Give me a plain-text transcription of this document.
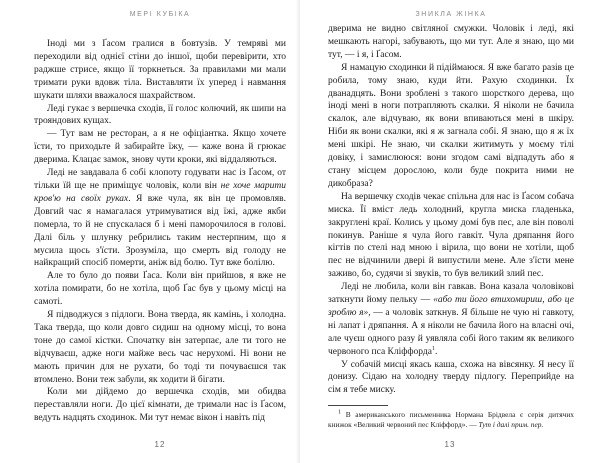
МЕРІ КУБІКА

Іноді ми з Ґасом гралися в бовтузів. У темряві ми переходили від однієї стіни до іншої, щоби перевірити, хто раджше стрисе, якщо її торкнеться. За правилами ми мали тримати руки вдовж тіла. Виставляти їх уперед і навмання шукати шляхи вважалося шахрайством.

Леді гукає з вершечка сходів, її голос колючий, як шипи на трояндових кущах.

— Тут вам не ресторан, а я не офіціантка. Якщо хочете їсти, то приходьте й забирайте їжу, — каже вона й грюкає дверима. Клацає замок, знову чути кроки, які віддаляються.

Леді не завдавала б собі клопоту годувати нас із Ґасом, от тільки їй ще не приміщує чоловік, коли він не хоче марити кров'ю на своїх руках. Я вже чула, як він це промовляв. Довгий час я намагалася утримуватися від їжі, адже якби померла, то й не спускалася б і мені паморочилося в голові. Далі біль у шлунку ребрились таким нестерпним, що я мусила щось з'їсти. Зрозуміла, що смерть від голоду не найкращий спосіб померти, аніж від болю. Тут вже болілю.

Але то було до появи Ґаса. Коли він прийшов, я вже не хотіла помирати, бо не хотіла, щоб Ґас був у цьому місці на самоті.

Я підводжуся з підлоги. Вона тверда, як камінь, і холодна. Така тверда, що коли довго сидиш на одному місці, то вона тоне до самої кістки. Спочатку він затерпає, але ти того не відчуваєш, адже ноги майже весь час нерухомі. Ні вони не мають причин для не рухати, бо тоді ти почуваєшся так втомлено. Вони теж забули, як ходити й бігати.

Коли ми дійдемо до вершечка сходів, ми обидва переставляли ноги. До цієї кімнати, де тримали нас із Ґасом, ведуть надцять сходинок. Ми тут немає вікон і навіть під

12
ЗНИКЛА ЖІНКА

дверима не видно світляної смужки. Чоловік і леді, які мешкають нагорі, забувають, що ми тут. Але я знаю, що ми тут, — і я, і Ґасом.

Я намацую сходинки й підіймаюся. Я вже багато разів це робила, тому знаю, куди йти. Рахую сходинки. Їх дванадцять. Вони зроблені з такого шорсткого дерева, що іноді мені в ноги потрапляють скалки. Я ніколи не бачила скалок, але відчуваю, як вони впиваються мені в шкіру. Ніби як вони скалки, які я ж загнала собі. Я знаю, що я ж їх мені шкірі. Не знаю, чи скалки житимуть у моєму тілі довіку, і замислююся: вони згодом самі відпадуть або я стану місцем дорослою, коли буде покрита ними не дикобраза?

На вершечку сходів чекає спільна для нас із Ґасом собача миска. Її вміст ледь холодний, кругла миска гладенька, закруглені краї. Колись у цьому домі був пес, але він поволі покинув. Раніше я чула його гавкіт. Чула дряпання його кігтів по стелі над мною і вірила, що вони не хотіли, щоб пес не відчинили двері й випустили мене. Але з'їсти мене заживо, бо, судячи зі звуків, то був великий злий пес.

Леді не любила, коли він гавкав. Вона казала чоловікові заткнути йому пельку — «або ти його втихомириш, або це зроблю я», — а чоловік заткнув. Я більше не чую ні гавкоту, ні лапат і дряпання. А я ніколи не бачила його на власні очі, але чуєш одного разу й уявляла собі його таким як великого червоного пса Кліффорда$^1$.

У собачій мисці якась каша, схожа на вівсянку. Я несу її донизу. Сідаю на холодну тверду підлогу. Переприйде на сім я тебе миску.

$^1$ В американського письменника Нормана Брідвела є серія дитячих книжок «Великий червоний пес Кліффорд». — Тут і далі прим. пер.
13
